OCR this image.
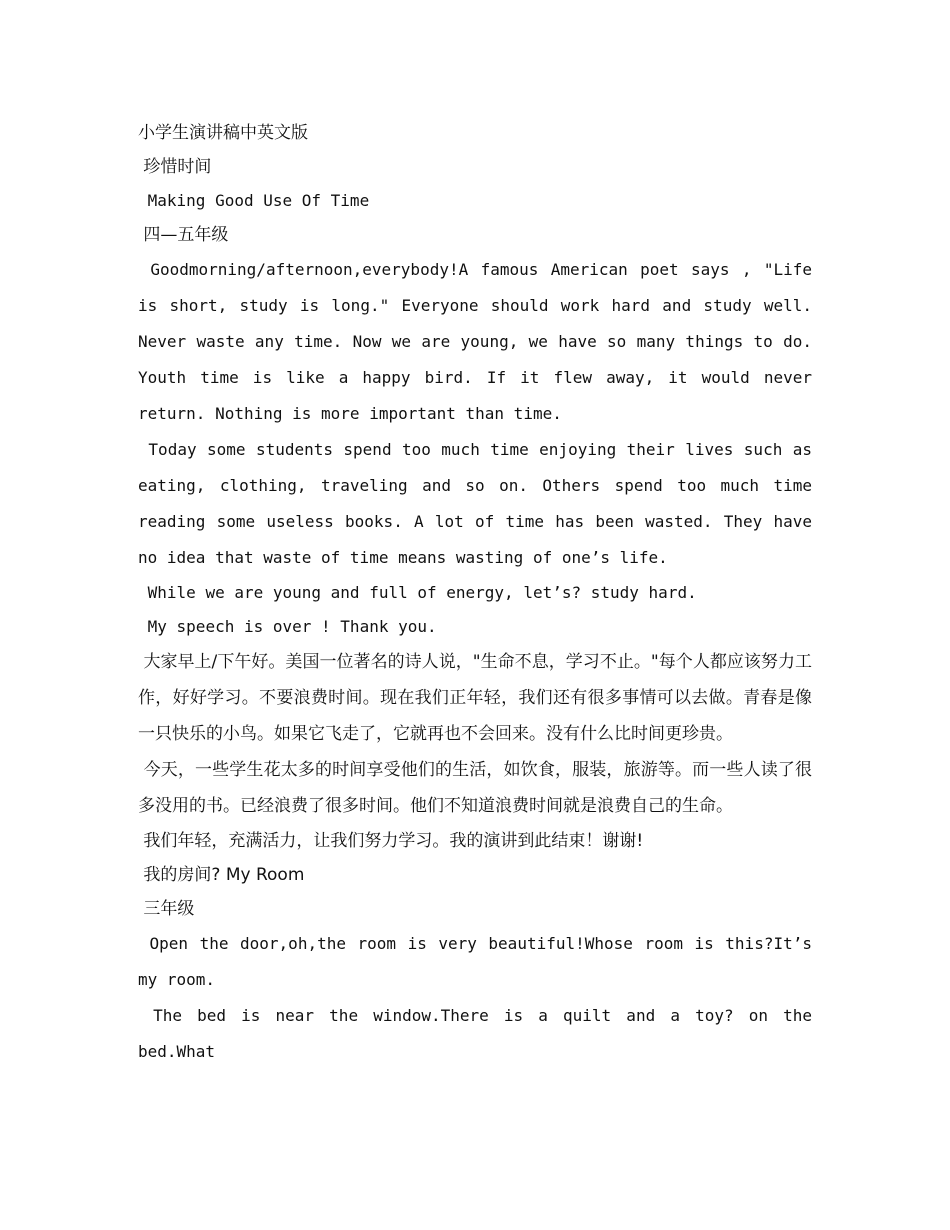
小学生演讲稿中英文版

珍惜时间

Making Good Use Of Time

四—五年级

Goodmorning/afternoon,everybody!A famous American poet says , "Life is short, study is long." Everyone should work hard and study well. Never waste any time. Now we are young, we have so many things to do. Youth time is like a happy bird. If it flew away, it would never return. Nothing is more important than time.

Today some students spend too much time enjoying their lives such as eating, clothing, traveling and so on. Others spend too much time reading some useless books. A lot of time has been wasted. They have no idea that waste of time means wasting of one’s life.

While we are young and full of energy, let’s? study hard.

My speech is over ! Thank you.

大家早上/下午好。美国一位著名的诗人说，"生命不息，学习不止。"每个人都应该努力工作，好好学习。不要浪费时间。现在我们正年轻，我们还有很多事情可以去做。青春是像一只快乐的小鸟。如果它飞走了，它就再也不会回来。没有什么比时间更珍贵。

今天，一些学生花太多的时间享受他们的生活，如饮食，服装，旅游等。而一些人读了很多没用的书。已经浪费了很多时间。他们不知道浪费时间就是浪费自己的生命。

我们年轻，充满活力，让我们努力学习。我的演讲到此结束！谢谢!

我的房间? My Room

三年级

Open the door,oh,the room is very beautiful!Whose room is this?It’s my room.

The bed is near the window.There is a quilt and a toy? on the bed.What
